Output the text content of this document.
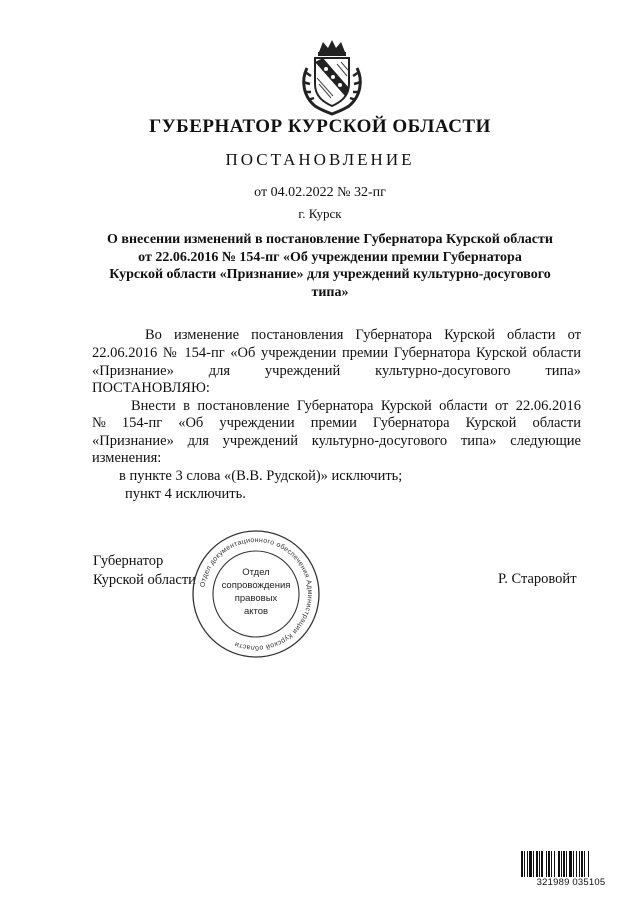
ГУБЕРНАТОР КУРСКОЙ ОБЛАСТИ
ПОСТАНОВЛЕНИЕ
от 04.02.2022 № 32-пг
г. Курск
О внесении изменений в постановление Губернатора Курской области
от 22.06.2016 № 154-пг «Об учреждении премии Губернатора
Курской области «Признание» для учреждений культурно-досугового
типа»
Во изменение постановления Губернатора Курской области от
22.06.2016 № 154-пг «Об учреждении премии Губернатора Курской области
«Признание» для учреждений культурно-досугового типа»
ПОСТАНОВЛЯЮ:
Внести в постановление Губернатора Курской области от 22.06.2016
№ 154-пг «Об учреждении премии Губернатора Курской области
«Признание» для учреждений культурно-досугового типа» следующие
изменения:
в пункте 3 слова «(В.В. Рудской)» исключить;
пункт 4 исключить.
Губернатор
Курской области	Р. Старовойт
Отдел документационного обеспечения Администрации Курской области
Отдел
сопровождения
правовых
актов
321989 035105
